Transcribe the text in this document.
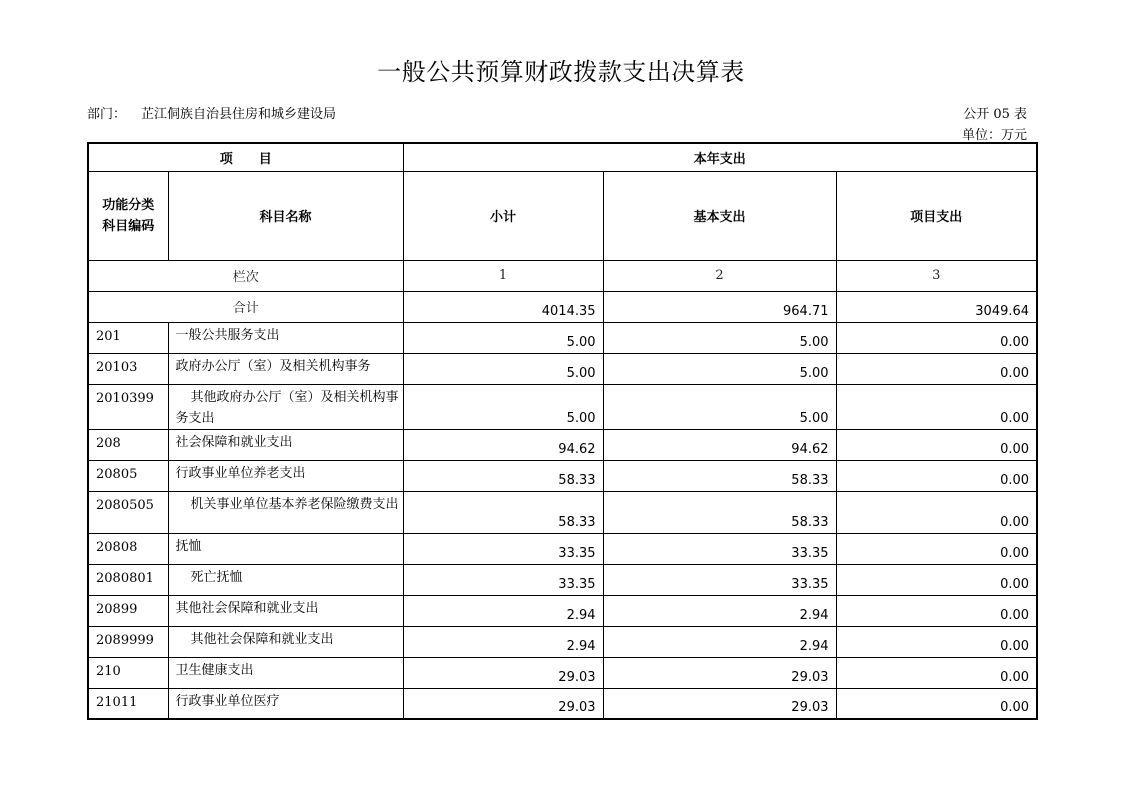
一般公共预算财政拨款支出决算表
部门： 芷江侗族自治县住房和城乡建设局	公开 05 表
单位：万元
项　　目		本年支出		

功能分类
科目编码	科目名称	小计	基本支出	项目支出
栏次		1	2	3
合计		4014.35	964.71	3049.64
201	一般公共服务支出	5.00	5.00	0.00
20103	政府办公厅（室）及相关机构事务	5.00	5.00	0.00
2010399	其他政府办公厅（室）及相关机构事务支出	5.00	5.00	0.00
208	社会保障和就业支出	94.62	94.62	0.00
20805	行政事业单位养老支出	58.33	58.33	0.00
2080505	机关事业单位基本养老保险缴费支出	58.33	58.33	0.00
20808	抚恤	33.35	33.35	0.00
2080801	死亡抚恤	33.35	33.35	0.00
20899	其他社会保障和就业支出	2.94	2.94	0.00
2089999	其他社会保障和就业支出	2.94	2.94	0.00
210	卫生健康支出	29.03	29.03	0.00
21011	行政事业单位医疗	29.03	29.03	0.00
